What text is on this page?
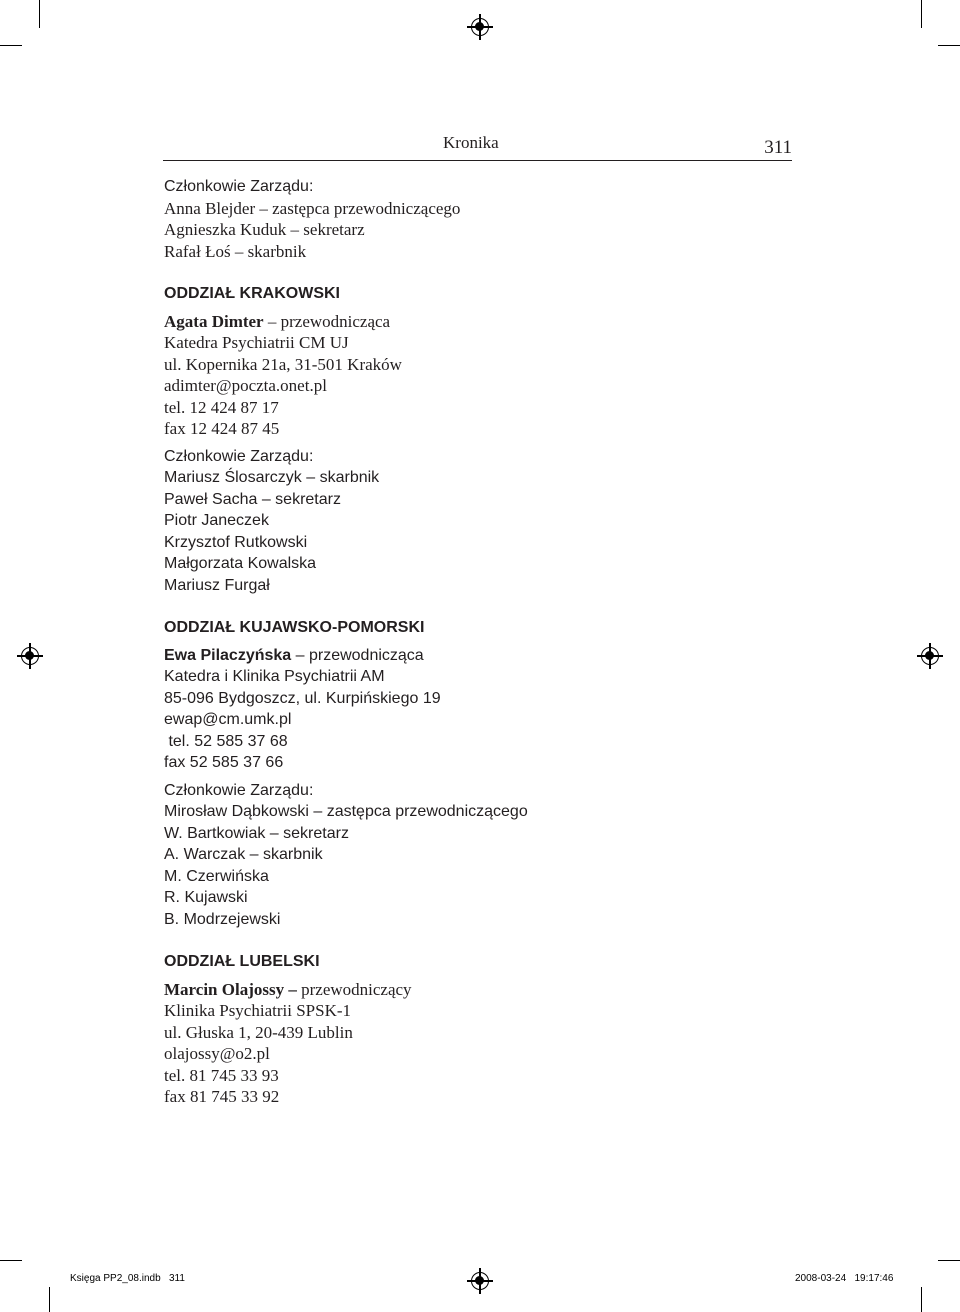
Kronika	311
Członkowie Zarządu:
Anna Blejder – zastępca przewodniczącego
Agnieszka Kuduk – sekretarz
Rafał Łoś – skarbnik
ODDZIAŁ KRAKOWSKI
Agata Dimter – przewodnicząca
Katedra Psychiatrii CM UJ
ul. Kopernika 21a, 31-501 Kraków
adimter@poczta.onet.pl
tel. 12 424 87 17
fax 12 424 87 45
Członkowie Zarządu:
Mariusz Ślosarczyk – skarbnik
Paweł Sacha – sekretarz
Piotr Janeczek
Krzysztof Rutkowski
Małgorzata Kowalska
Mariusz Furgał
ODDZIAŁ KUJAWSKO-POMORSKI
Ewa Pilaczyńska – przewodnicząca
Katedra i Klinika Psychiatrii AM
85-096 Bydgoszcz, ul. Kurpińskiego 19
ewap@cm.umk.pl
tel. 52 585 37 68
fax 52 585 37 66
Członkowie Zarządu:
Mirosław Dąbkowski – zastępca przewodniczącego
W. Bartkowiak – sekretarz
A. Warczak – skarbnik
M. Czerwińska
R. Kujawski
B. Modrzejewski
ODDZIAŁ LUBELSKI
Marcin Olajossy – przewodniczący
Klinika Psychiatrii SPSK-1
ul. Głuska 1, 20-439 Lublin
olajossy@o2.pl
tel. 81 745 33 93
fax 81 745 33 92
Księga PP2_08.indb   311	2008-03-24   19:17:46
